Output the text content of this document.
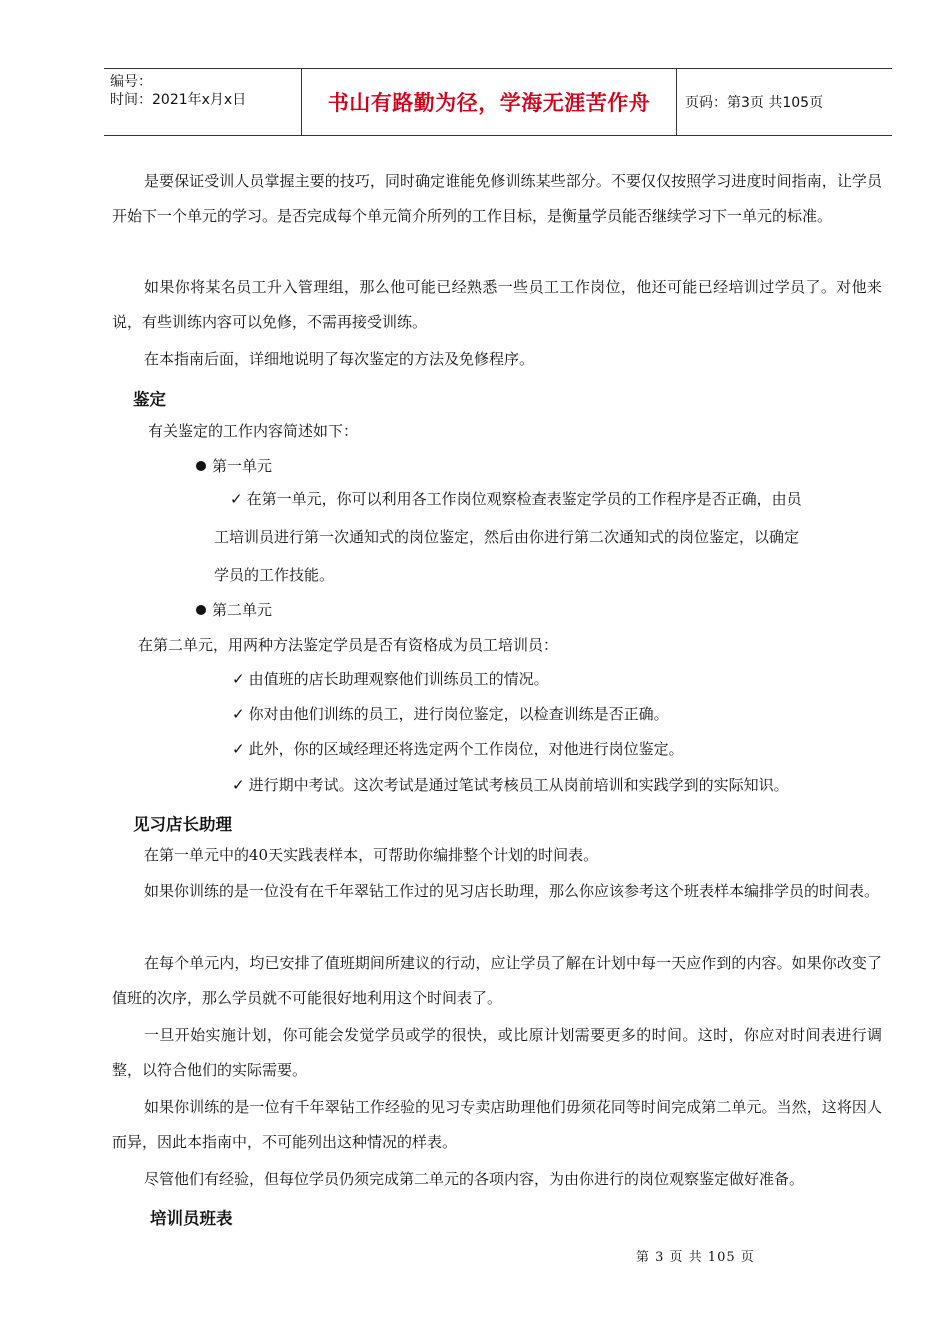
编号：
时间：2021年x月x日	书山有路勤为径，学海无涯苦作舟	页码：第3页 共105页

是要保证受训人员掌握主要的技巧，同时确定谁能免修训练某些部分。不要仅仅按照学习进度时间指南，让学员开始下一个单元的学习。是否完成每个单元简介所列的工作目标，是衡量学员能否继续学习下一单元的标准。

如果你将某名员工升入管理组，那么他可能已经熟悉一些员工工作岗位，他还可能已经培训过学员了。对他来说，有些训练内容可以免修，不需再接受训练。

在本指南后面，详细地说明了每次鉴定的方法及免修程序。

鉴定

有关鉴定的工作内容简述如下：

第一单元
✓ 在第一单元，你可以利用各工作岗位观察检查表鉴定学员的工作程序是否正确，由员

工培训员进行第一次通知式的岗位鉴定，然后由你进行第二次通知式的岗位鉴定，以确定

学员的工作技能。

第二单元

在第二单元，用两种方法鉴定学员是否有资格成为员工培训员：

✓ 由值班的店长助理观察他们训练员工的情况。
✓ 你对由他们训练的员工，进行岗位鉴定，以检查训练是否正确。
✓ 此外，你的区域经理还将选定两个工作岗位，对他进行岗位鉴定。
✓ 进行期中考试。这次考试是通过笔试考核员工从岗前培训和实践学到的实际知识。
见习店长助理

在第一单元中的40天实践表样本，可帮助你编排整个计划的时间表。

如果你训练的是一位没有在千年翠钻工作过的见习店长助理，那么你应该参考这个班表样本编排学员的时间表。

在每个单元内，均已安排了值班期间所建议的行动，应让学员了解在计划中每一天应作到的内容。如果你改变了值班的次序，那么学员就不可能很好地利用这个时间表了。

一旦开始实施计划，你可能会发觉学员或学的很快，或比原计划需要更多的时间。这时，你应对时间表进行调整，以符合他们的实际需要。

如果你训练的是一位有千年翠钻工作经验的见习专卖店助理他们毋须花同等时间完成第二单元。当然，这将因人而异，因此本指南中，不可能列出这种情况的样表。

尽管他们有经验，但每位学员仍须完成第二单元的各项内容，为由你进行的岗位观察鉴定做好准备。

培训员班表
第 3 页 共 105 页
